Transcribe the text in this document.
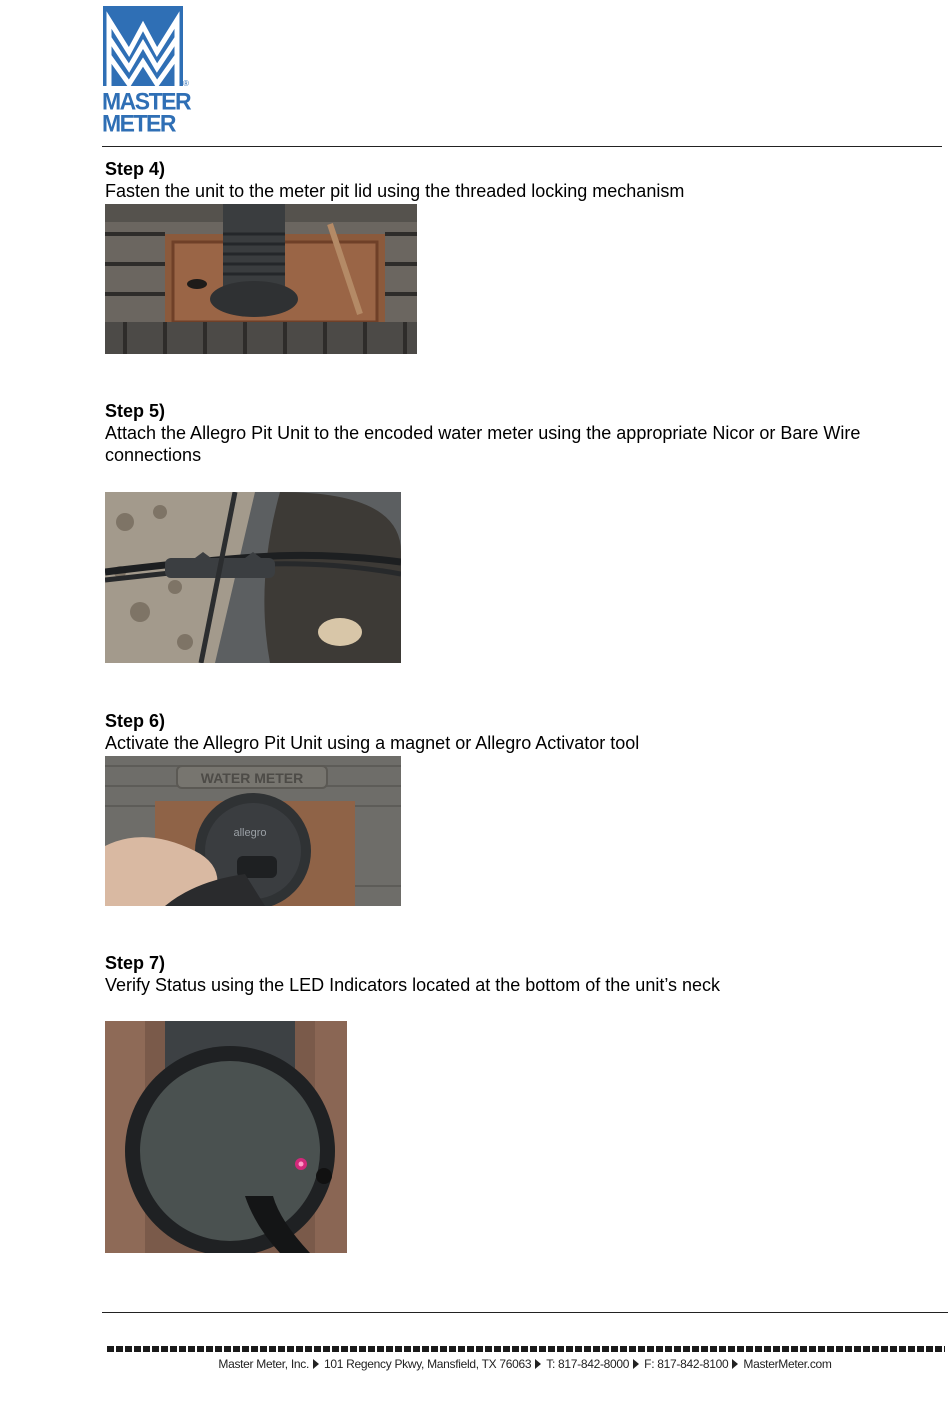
®
MASTER
METER
Step 4)
Fasten the unit to the meter pit lid using the threaded locking mechanism
Step 5)
Attach the Allegro Pit Unit to the encoded water meter using the appropriate Nicor or Bare Wire connections
Step 6)
Activate the Allegro Pit Unit using a magnet or Allegro Activator tool
WATER METER
allegro
Step 7)
Verify Status using the LED Indicators located at the bottom of the unit’s neck
Master Meter, Inc. 101 Regency Pkwy, Mansfield, TX 76063 T: 817-842-8000 F: 817-842-8100 MasterMeter.com
